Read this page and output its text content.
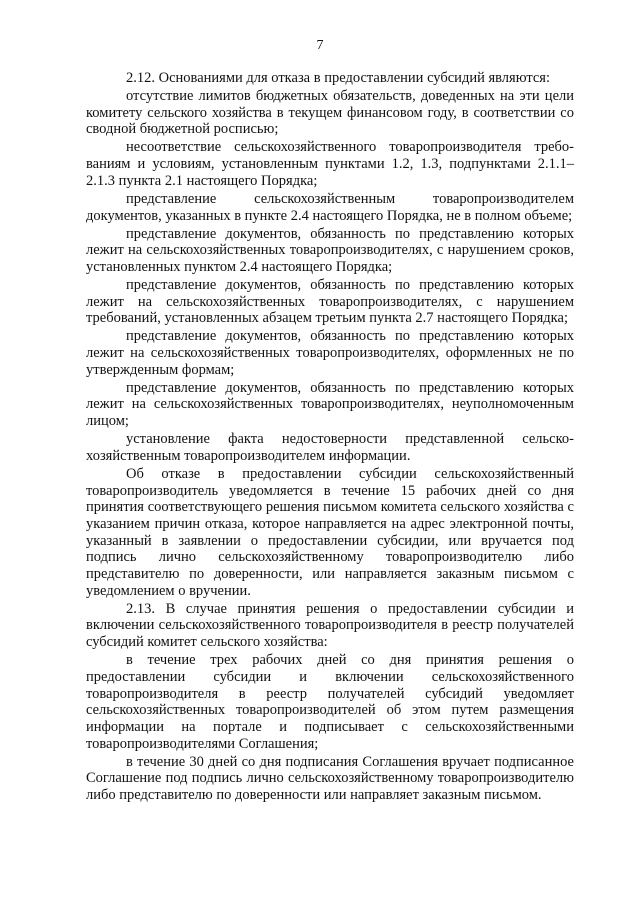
7

2.12. Основаниями для отказа в предоставлении субсидий являются:

отсутствие лимитов бюджетных обязательств, доведенных на эти цели комитету сельского хозяйства в текущем финансовом году, в соответствии со сводной бюджетной росписью;

несоответствие сельскохозяйственного товаропроизводителя требованиям и условиям, установленным пунктами 1.2, 1.3, подпунктами 2.1.1–2.1.3 пункта 2.1 настоящего Порядка;

представление сельскохозяйственным товаропроизводителем документов, указанных в пункте 2.4 настоящего Порядка, не в полном объеме;

представление документов, обязанность по представлению которых лежит на сельскохозяйственных товаропроизводителях, с нарушением сроков, установленных пунктом 2.4 настоящего Порядка;

представление документов, обязанность по представлению которых лежит на сельскохозяйственных товаропроизводителях, с нарушением требований, установленных абзацем третьим пункта 2.7 настоящего Порядка;

представление документов, обязанность по представлению которых лежит на сельскохозяйственных товаропроизводителях, оформленных не по утвержденным формам;

представление документов, обязанность по представлению которых лежит на сельскохозяйственных товаропроизводителях, неуполномоченным лицом;

установление факта недостоверности представленной сельскохозяйственным товаропроизводителем информации.

Об отказе в предоставлении субсидии сельскохозяйственный товаропроизводитель уведомляется в течение 15 рабочих дней со дня принятия соответствующего решения письмом комитета сельского хозяйства с указанием причин отказа, которое направляется на адрес электронной почты, указанный в заявлении о предоставлении субсидии, или вручается под подпись лично сельскохозяйственному товаропроизводителю либо представителю по доверенности, или направляется заказным письмом с уведомлением о вручении.

2.13. В случае принятия решения о предоставлении субсидии и включении сельскохозяйственного товаропроизводителя в реестр получателей субсидий комитет сельского хозяйства:

в течение трех рабочих дней со дня принятия решения о предоставлении субсидии и включении сельскохозяйственного товаропроизводителя в реестр получателей субсидий уведомляет сельскохозяйственных товаропроизводителей об этом путем размещения информации на портале и подписывает с сельскохозяйственными товаропроизводителями Соглашения;

в течение 30 дней со дня подписания Соглашения вручает подписанное Соглашение под подпись лично сельскохозяйственному товаропроизводителю либо представителю по доверенности или направляет заказным письмом.
